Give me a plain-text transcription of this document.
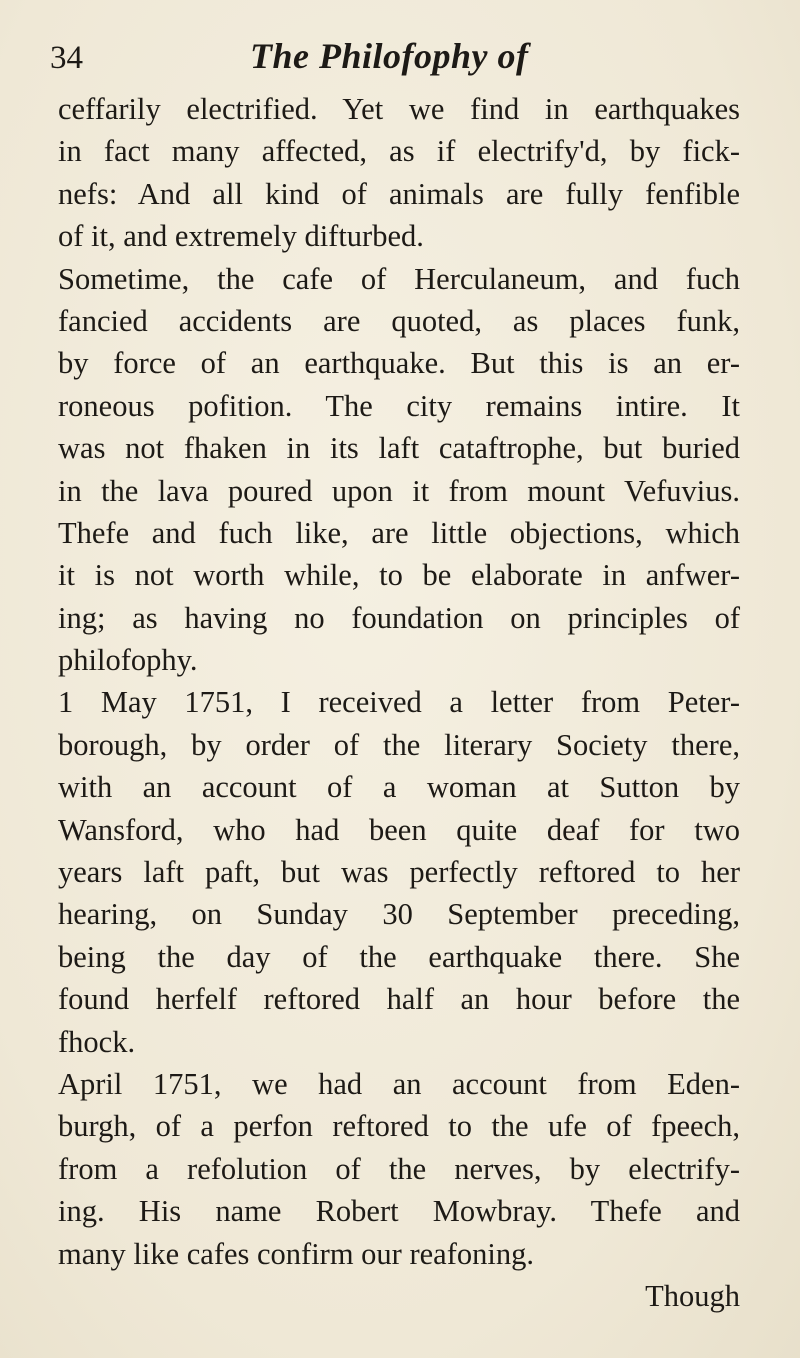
34	The Philofophy of
ceffarily electrified. Yet we find in earthquakes
in fact many affected, as if electrify'd, by fick-
nefs: And all kind of animals are fully fenfible
of it, and extremely difturbed.
Sometime, the cafe of Herculaneum, and fuch
fancied accidents are quoted, as places funk,
by force of an earthquake. But this is an er-
roneous pofition. The city remains intire. It
was not fhaken in its laft cataftrophe, but buried
in the lava poured upon it from mount Vefuvius.
Thefe and fuch like, are little objections, which
it is not worth while, to be elaborate in anfwer-
ing; as having no foundation on principles of
philofophy.
1 May 1751, I received a letter from Peter-
borough, by order of the literary Society there,
with an account of a woman at Sutton by
Wansford, who had been quite deaf for two
years laft paft, but was perfectly reftored to her
hearing, on Sunday 30 September preceding,
being the day of the earthquake there. She
found herfelf reftored half an hour before the
fhock.
April 1751, we had an account from Eden-
burgh, of a perfon reftored to the ufe of fpeech,
from a refolution of the nerves, by electrify-
ing. His name Robert Mowbray. Thefe and
many like cafes confirm our reafoning.
Though
